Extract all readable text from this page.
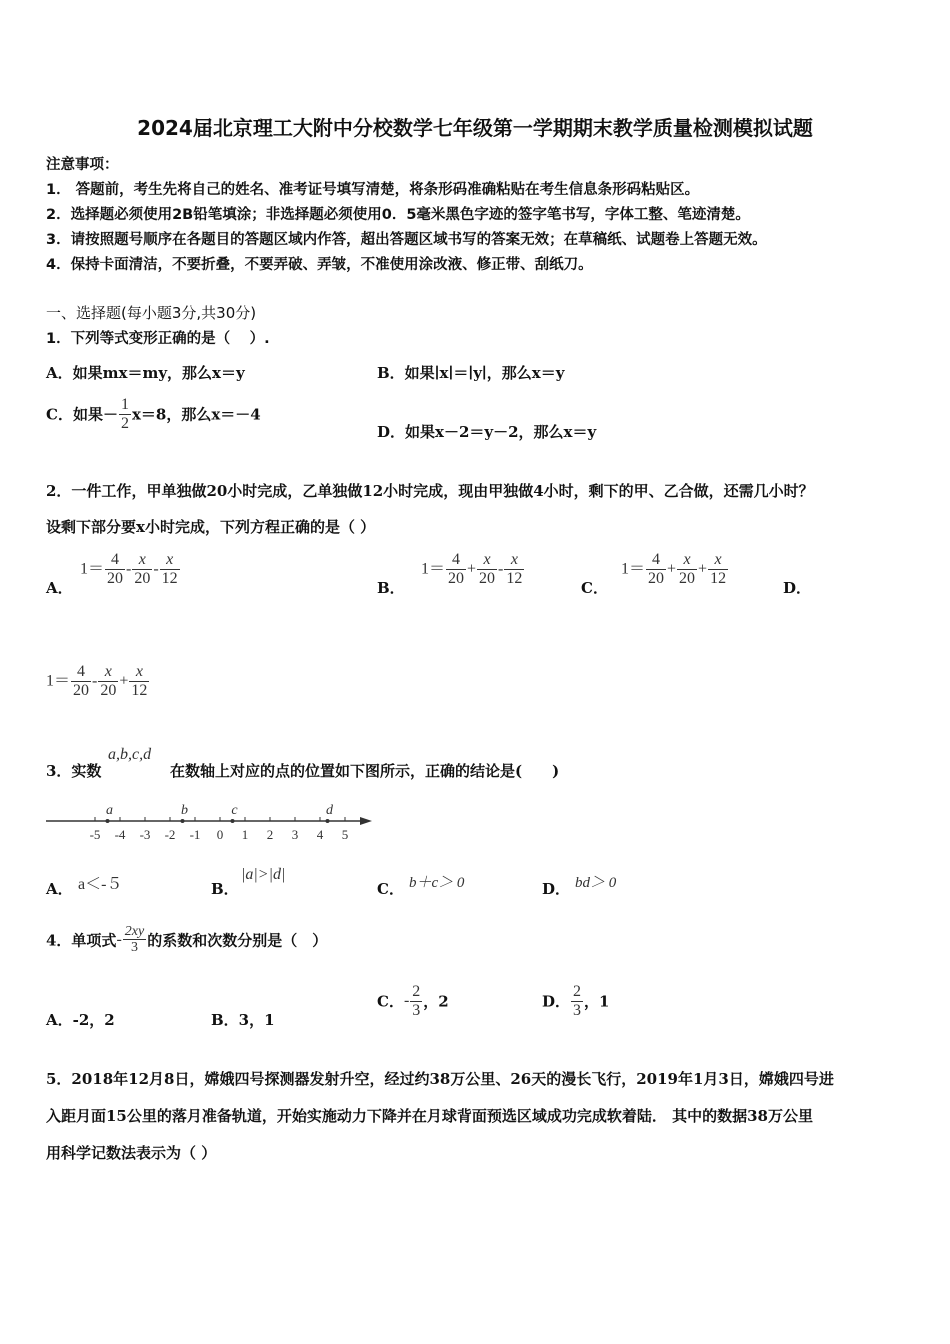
2024届北京理工大附中分校数学七年级第一学期期末教学质量检测模拟试题
注意事项：
1． 答题前，考生先将自己的姓名、准考证号填写清楚，将条形码准确粘贴在考生信息条形码粘贴区。
2．选择题必须使用2B铅笔填涂；非选择题必须使用0．5毫米黑色字迹的签字笔书写，字体工整、笔迹清楚。
3．请按照题号顺序在各题目的答题区域内作答，超出答题区域书写的答案无效；在草稿纸、试题卷上答题无效。
4．保持卡面清洁，不要折叠，不要弄破、弄皱，不准使用涂改液、修正带、刮纸刀。
一、选择题(每小题3分,共30分)
1．下列等式变形正确的是（　 ）.
A．如果mx＝my，那么x＝y	B．如果∣x∣＝∣y∣，那么x＝y
C．如果－ $\frac{1}{2} x=8$，那么x＝－4
D．如果x－2＝y－2，那么x＝y
2．一件工作，甲单独做20小时完成，乙单独做12小时完成，现由甲独做4小时，剩下的甲、乙合做，还需几小时？
设剩下部分要x小时完成，下列方程正确的是（ ）
A．
$1= \frac{4}{20} - \frac{x}{20} - \frac{x}{12}$
B．
$1= \frac{4}{20} + \frac{x}{20} - \frac{x}{12}$
C．
$1= \frac{4}{20} + \frac{x}{20} + \frac{x}{12}$
D．
$1= \frac{4}{20} - \frac{x}{20} + \frac{x}{12}$
3．实数
a,b,c,d
在数轴上对应的点的位置如下图所示，正确的结论是(　　)
-5 -4 -3 -2 -1 0 1 2 3 4 5
a	b	c	d
A． a＜-５	B．
|a|>|d|
C． b＋c＞ 0	D． bd＞ 0
4．单项式- $\frac{2xy}{3}$ 的系数和次数分别是（　）
A．-2，2	B．3，1
C．- $\frac{2}{3}$ ，2	D． $\frac{2}{3}$ ，1
5．2018年12月8日，嫦娥四号探测器发射升空，经过约38万公里、26天的漫长飞行，2019年1月3日，嫦娥四号进
入距月面15公里的落月准备轨道，开始实施动力下降并在月球背面预选区域成功完成软着陆． 其中的数据38万公里
用科学记数法表示为（ ）
